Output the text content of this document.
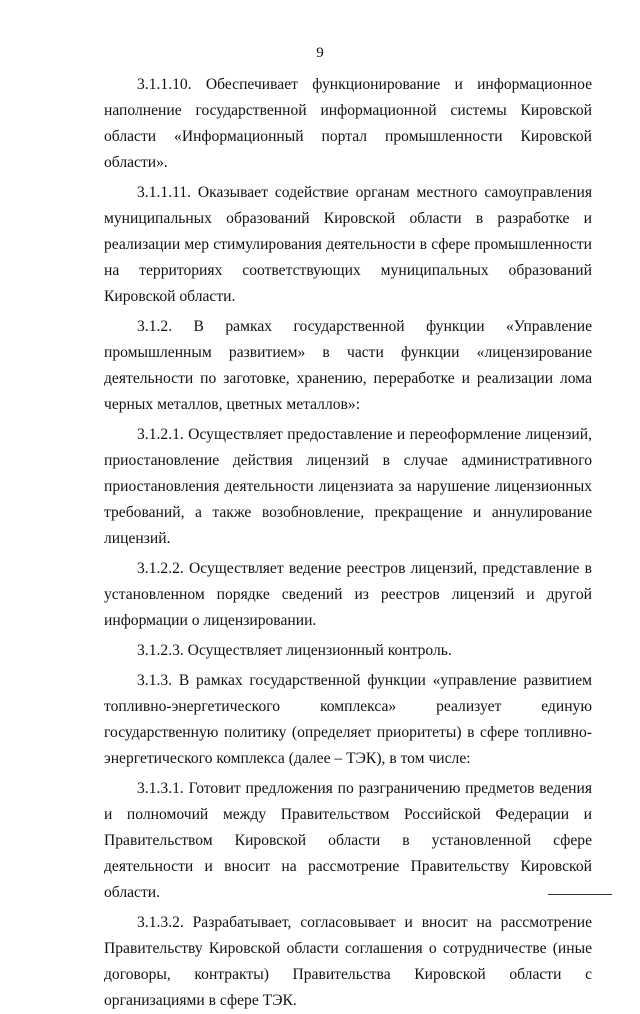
9

3.1.1.10. Обеспечивает функционирование и информационное наполнение государственной информационной системы Кировской области «Информационный портал промышленности Кировской области».

3.1.1.11. Оказывает содействие органам местного самоуправления муниципальных образований Кировской области в разработке и реализации мер стимулирования деятельности в сфере промышленности на территориях соответствующих муниципальных образований Кировской области.

3.1.2. В рамках государственной функции «Управление промышленным развитием» в части функции «лицензирование деятельности по заготовке, хранению, переработке и реализации лома черных металлов, цветных металлов»:

3.1.2.1. Осуществляет предоставление и переоформление лицензий, приостановление действия лицензий в случае административного приостановления деятельности лицензиата за нарушение лицензионных требований, а также возобновление, прекращение и аннулирование лицензий.

3.1.2.2. Осуществляет ведение реестров лицензий, представление в установленном порядке сведений из реестров лицензий и другой информации о лицензировании.

3.1.2.3. Осуществляет лицензионный контроль.

3.1.3. В рамках государственной функции «управление развитием топливно-энергетического комплекса» реализует единую государственную политику (определяет приоритеты) в сфере топливно-энергетического комплекса (далее – ТЭК), в том числе:

3.1.3.1. Готовит предложения по разграничению предметов ведения и полномочий между Правительством Российской Федерации и Правительством Кировской области в установленной сфере деятельности и вносит на рассмотрение Правительству Кировской области.

3.1.3.2. Разрабатывает, согласовывает и вносит на рассмотрение Правительству Кировской области соглашения о сотрудничестве (иные договоры, контракты) Правительства Кировской области с организациями в сфере ТЭК.
